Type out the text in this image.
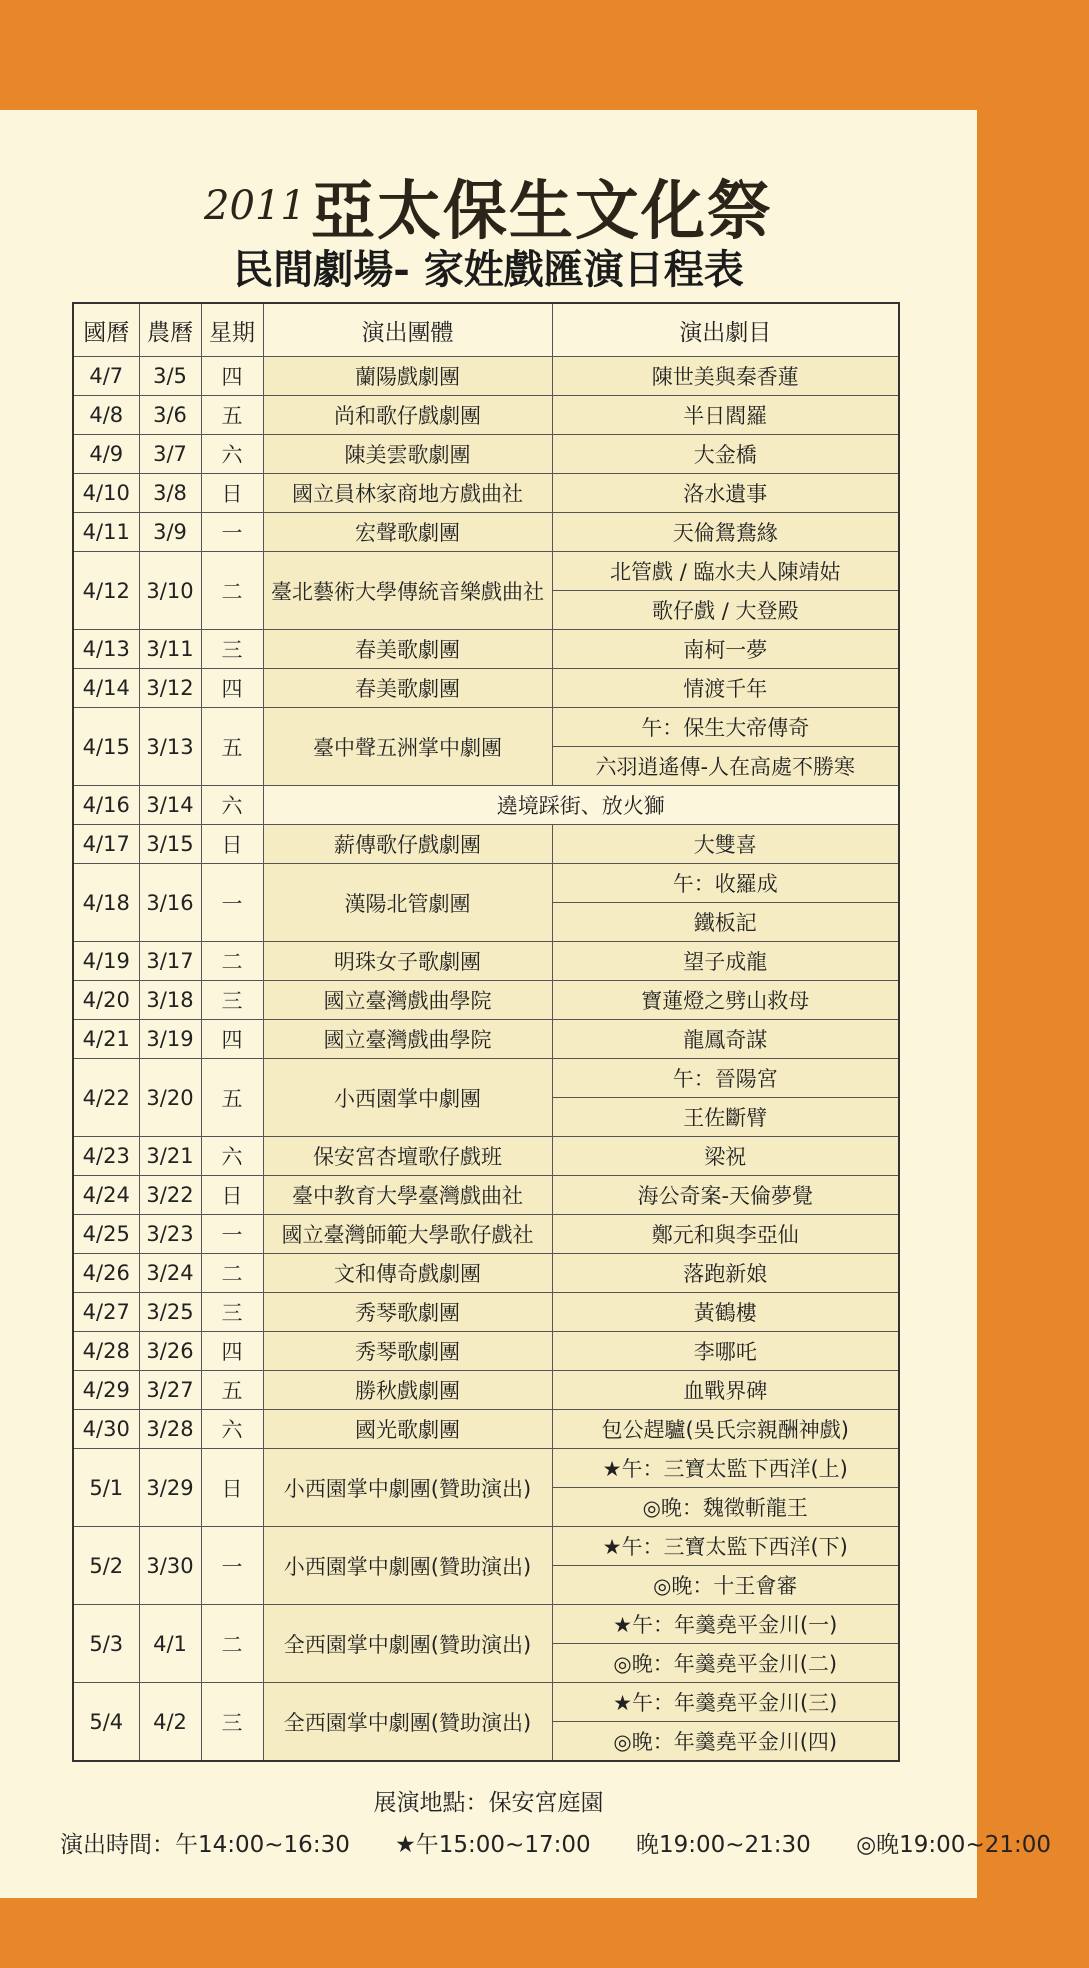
2011 亞太保生文化祭
民間劇場- 家姓戲匯演日程表
國曆	農曆	星期	演出團體	演出劇目
4/7	3/5	四	蘭陽戲劇團	陳世美與秦香蓮
4/8	3/6	五	尚和歌仔戲劇團	半日閻羅
4/9	3/7	六	陳美雲歌劇團	大金橋
4/10	3/8	日	國立員林家商地方戲曲社	洛水遺事
4/11	3/9	一	宏聲歌劇團	天倫鴛鴦緣
4/12	3/10	二	臺北藝術大學傳統音樂戲曲社	北管戲 / 臨水夫人陳靖姑
				歌仔戲 / 大登殿
4/13	3/11	三	春美歌劇團	南柯一夢
4/14	3/12	四	春美歌劇團	情渡千年
4/15	3/13	五	臺中聲五洲掌中劇團	午：保生大帝傳奇
				六羽逍遙傳-人在高處不勝寒
4/16	3/14	六	遶境踩街、放火獅	
4/17	3/15	日	薪傳歌仔戲劇團	大雙喜
4/18	3/16	一	漢陽北管劇團	午：收羅成
				鐵板記
4/19	3/17	二	明珠女子歌劇團	望子成龍
4/20	3/18	三	國立臺灣戲曲學院	寶蓮燈之劈山救母
4/21	3/19	四	國立臺灣戲曲學院	龍鳳奇謀
4/22	3/20	五	小西園掌中劇團	午：晉陽宮
				王佐斷臂
4/23	3/21	六	保安宮杏壇歌仔戲班	梁祝
4/24	3/22	日	臺中教育大學臺灣戲曲社	海公奇案-天倫夢覺
4/25	3/23	一	國立臺灣師範大學歌仔戲社	鄭元和與李亞仙
4/26	3/24	二	文和傳奇戲劇團	落跑新娘
4/27	3/25	三	秀琴歌劇團	黃鶴樓
4/28	3/26	四	秀琴歌劇團	李哪吒
4/29	3/27	五	勝秋戲劇團	血戰界碑
4/30	3/28	六	國光歌劇團	包公趕驢(吳氏宗親酬神戲)
5/1	3/29	日	小西園掌中劇團(贊助演出)	★午：三寶太監下西洋(上)
				◎晚：魏徵斬龍王
5/2	3/30	一	小西園掌中劇團(贊助演出)	★午：三寶太監下西洋(下)
				◎晚：十王會審
5/3	4/1	二	全西園掌中劇團(贊助演出)	★午：年羹堯平金川(一)
				◎晚：年羹堯平金川(二)
5/4	4/2	三	全西園掌中劇團(贊助演出)	★午：年羹堯平金川(三)
				◎晚：年羹堯平金川(四)
展演地點：保安宮庭園
演出時間：午14:00~16:30 ★午15:00~17:00 晚19:00~21:30 ◎晚19:00~21:00
